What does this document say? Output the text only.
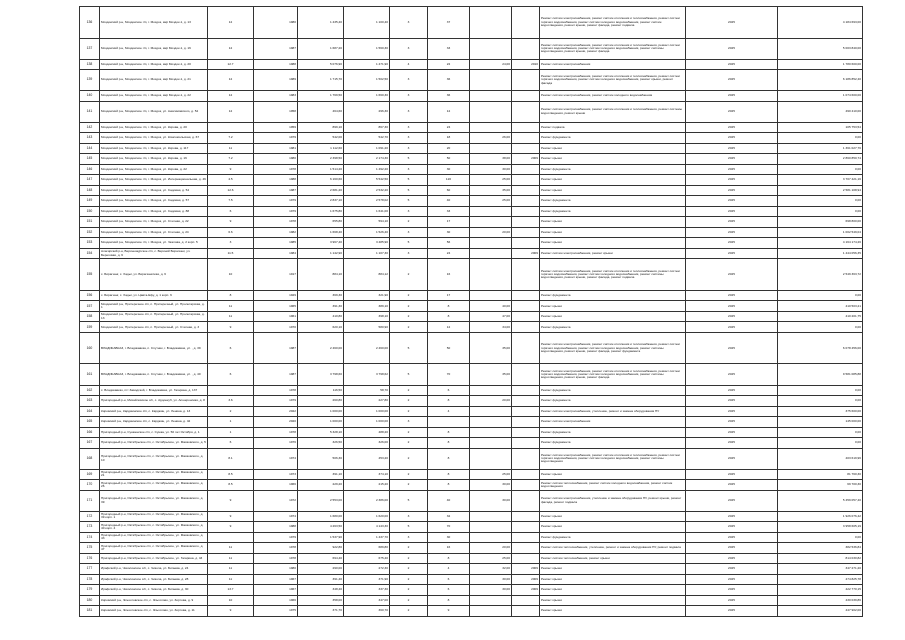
136	Моздокский р-н, Моздокское г/п, г. Моздок, мкр Моздок-1, д. 13	12	1980	1 435,40	1 100,40	3	37			Ремонт систем электроснабжения, ремонт систем отопления и теплоснабжения, ремонт систем горячего водоснабжения, ремонт систем холодного водоснабжения, ремонт систем водоотведения, ремонт крыши, ремонт фасада, ремонт подвала	2025	4 184 693,00
137	Моздокский р-н, Моздокское г/п, г. Моздок, мкр Моздок-1, д. 16	12	1987	1 687,20	1 560,30	3	33			Ремонт систем электроснабжения, ремонт систем отопления и теплоснабжения, ремонт систем горячего водоснабжения, ремонт систем холодного водоснабжения, ремонт системы водоотведения, ремонт крыши, ремонт фасада	2025	5 003 840,00
138	Моздокский р-н, Моздокское г/п, г. Моздок, мкр Моздок-1, д. 20	12.7	1988	5 076,90	1 471,90	4	22	24,00	2010	Ремонт систем электроснабжения	2025	1 780 600,00
139	Моздокский р-н, Моздокское г/п, г. Моздок, мкр Моздок-1, д. 21	12	1989	1 715,70	1 502,50	3	36			Ремонт систем электроснабжения, ремонт систем отопления и теплоснабжения, ремонт систем горячего водоснабжения, ремонт систем холодного водоснабжения, ремонт крыши, ремонт фасада	2025	6 186 852,40
140	Моздокский р-н, Моздокское г/п, г. Моздок, мкр Моздок-1, д. 22	12	1983	1 769,50	1 660,30	3	36			Ремонт систем электроснабжения, ремонт систем холодного водоснабжения	2025	1 074 600,00
141	Моздокский р-н, Моздокское г/п, г. Моздок, ул. Анисимовского, д. 52	12	1958	464,60	296,30	3	12			Ремонт систем электроснабжения, ремонт систем отопления и теплоснабжения, ремонт системы водоотведения, ремонт крыши	2025	490 410,00
142	Моздокский р-н, Моздокское г/п, г. Моздок, ул. Кирова, д. 20		1959	899,10	867,30	3	24			Ремонт подвала	2025	105 753,54
143	Моздокский р-н, Моздокское г/п, г. Моздок, ул. Комсомольская, д. 67	7.2	1979	542,00	542,70	3	18	26,00		Ремонт фундамента	2025	0,00
144	Моздокский р-н, Моздокское г/п, г. Моздок, ул. Кирова, д. 117	11	1981	1 112,60	1 091,20	3	20			Ремонт крыши	2025	1 361 027,76
145	Моздокский р-н, Моздокское г/п, г. Моздок, ул. Кирова, д. 16	7.2	1980	2 398,50	2 174,30	5	50	38,00	2009	Ремонт крыши	2025	2 860 850,74
146	Моздокский р-н, Моздокское г/п, г. Моздок, ул. Кирова, д. 22	9	1978	1 514,20	1 492,20	3	30	30,00		Ремонт фундамента	2025	0,00
147	Моздокский р-н, Моздокское г/п, г. Моздок, ул. Интернациональная, д. 46	4.5	1988	6 160,60	5 542,50	5	120	25,00		Ремонт крыши	2025	3 707 421,16
148	Моздокский р-н, Моздокское г/п, г. Моздок, ул. Садовая, д. 54	12.6	1987	2 681,20	2 532,20	5	60	35,00		Ремонт крыши	2025	2 581 108,94
149	Моздокский р-н, Моздокское г/п, г. Моздок, ул. Садовая, д. 57	7.5	1979	2 837,10	2 578,02	5	40	25,00		Ремонт фундамента	2025	0,00
150	Моздокский р-н, Моздокское г/п, г. Моздок, ул. Садовая, д. 88	6	1979	1 675,80	1 641,00	3	33			Ремонт фундамента	2025	0,00
151	Моздокский р-н, Моздокское г/п, г. Моздок, ул. Степная, д. 22	9	1978	655,80	594,10	2	17			Ремонт крыши	2025	698 800,00
152	Моздокский р-н, Моздокское г/п, г. Моздок, ул. Степная, д. 24	6.6	1982	1 668,40	1 526,40	3	30	20,00		Ремонт крыши	2025	1 002 549,04
153	Моздокский р-н, Моздокское г/п, г. Моздок, ул. Чкалова, д. 2 корп. 5	3	1985	3 967,40	3 485,90	5	56			Ремонт крыши	2025	4 164 174,26
154	Алагирский р-н, Верхнезаурское с/п, с. Верхний Бирагзанг, ул. Береговая, д. 6	11.5	1984	1 142,90	1 107,30	3	24		2009	Ремонт систем электроснабжения, ремонт крыши	2025	1 444 056,35
155	с. Бирагзанг, с. Хадыг, ул. Бирагзангская, д. 6	10	1917	884,10	884,12	2	16			Ремонт систем электроснабжения, ремонт систем отопления и теплоснабжения, ремонт систем горячего водоснабжения, ремонт систем холодного водоснабжения, ремонт системы водоотведения, ремонт крыши, ремонт фасада, ремонт подвала	2025	2 549 363,72
156	с. Бирагзанг, с. Хадыг, ул. Цавта-Ефу, д. 1 корп. 6	8	1929	369,30	321,90	2	17			Ремонт фундамента	2025	0,00
157	Моздокский р-н, Притеречное с/п, п. Притеречный, ул. Пролетарская, д. 1	11	1965	391,30	389,10	2	8	40,00		Ремонт крыши	2025	410 503,21
158	Моздокский р-н, Притеречное с/п, п. Притеречный, ул. Пролетарская, д. 13	11	1961	410,80	398,10	2	8	47,00		Ремонт крыши	2025	410 201,75
159	Моздокский р-н, Притеречное с/п, п. Притеречный, ул. Степная, д. 3	9	1970	620,10	580,90	2	12	34,00		Ремонт фундамента	2025	0,00
160	ВЛАДИКАВКАЗ, г. Владикавказ, п. Спутник, г. Владикавказ, ул. , д. 39	6	1987	2 460,00	2 460,00	5	50	35,00		Ремонт систем электроснабжения, ремонт систем отопления и теплоснабжения, ремонт систем горячего водоснабжения, ремонт систем холодного водоснабжения, ремонт системы водоотведения, ремонт крыши, ремонт фасада, ремонт фундамента	2025	6 078 456,00
161	ВЛАДИКАВКАЗ, г. Владикавказ, п. Спутник, г. Владикавказ, ул. , д. 40	6	1987	3 798,60	3 798,62	5	70	35,00		Ремонт систем электроснабжения, ремонт систем отопления и теплоснабжения, ремонт систем горячего водоснабжения, ремонт систем холодного водоснабжения, ремонт системы водоотведения, ремонт крыши, ремонт фасада	2025	9 581 085,88
162	с. Владикавказ, пгт Заводской, г. Владикавказ, ул. Гагарина, д. 137		1978	116,50	58,70	2	6			Ремонт фундамента	2025	0,00
163	Пригородный р-н, Михайловское с/п, с. Ардонкуб, ул. Апшеронская, д. 8	3.6	1979	260,80	227,80	2	8	20,00		Ремонт фундамента	2025	0,00
164	Кировский р-н, Карджинское с/п, с. Карджин, ул. Ленина, д. 13	2	2022	1 000,00	1 000,00	2	4			Ремонт систем электроснабжения, утепление, ремонт и замена оборудования ПУ	2025	375 600,00
165	Кировский р-н, Карджинское с/п, с. Карджин, ул. Ленина, д. 42	1	2020	1 000,00	1 000,00	3				Ремонт систем электроснабжения	2025	145 000,00
166	Пригородный р-н, Сунженское с/п, с. Сунжа, ул. 50 лет Октября, д. 1	1	1978	5 328,10	488,20	2	8			Ремонт фундамента	2025	0,00
167	Пригородный р-н, Октябрьское с/п, с. Октябрьское, ул. Маяковского, д. 5	6	1976	326,50	326,00	2	8			Ремонт фундамента	2025	0,00
168	Пригородный р-н, Октябрьское с/п, с. Октябрьское, ул. Маяковского, д. 10	8.1	1974	506,30	453,20	2	8			Ремонт систем электроснабжения, ремонт систем отопления и теплоснабжения, ремонт систем горячего водоснабжения, ремонт систем холодного водоснабжения, ремонт системы водоотведения	2025	403 619,96
169	Пригородный р-н, Октябрьское с/п, с. Октябрьское, ул. Маяковского, д. 21	8.5	1973	391,10	374,10	2	8	25,00		Ремонт крыши	2025	81 760,30
170	Пригородный р-н, Октябрьское с/п, с. Октябрьское, ул. Маяковского, д. 26	8.5	1966	229,20	215,20	2	8	30,00		Ремонт систем теплоснабжения, ремонт систем холодного водоснабжения, ремонт систем водоотведения	2025	69 700,30
171	Пригородный р-н, Октябрьское с/п, с. Октябрьское, ул. Маяковского, д. 39	9	1972	2 553,00	2 386,00	5	40	30,00		Ремонт систем электроснабжения, утепление и замена оборудования ПУ, ремонт крыши, ремонт фасада, ремонт подвала	2025	5 459 057,40
172	Пригородный р-н, Октябрьское с/п, с. Октябрьское, ул. Маяковского, д. 39 корп. 1	9	1974	1 680,00	1 620,00	3	32			Ремонт крыши	2025	1 926 076,42
173	Пригородный р-н, Октябрьское с/п, с. Октябрьское, ул. Маяковского, д. 40 корп. 4	9	1988	4 263,50	4 143,30	5	70			Ремонт крыши	2025	3 958 605,19
174	Пригородный р-н, Октябрьское с/п, с. Октябрьское, ул. Маяковского, д. 43		1979	1 537,90	1 437,70	3	30			Ремонт фундамента	2025	0,00
175	Пригородный р-н, Октябрьское с/п, с. Октябрьское, ул. Маяковского, д. 47	11	1978	922,80	689,80	2	16	20,00		Ремонт систем теплоснабжения, утепление, ремонт и замена оборудования ПУ, ремонт подвала	2025	382 536,84
176	Пригородный р-н, Октябрьское с/п, с. Октябрьское, ул. Гагарина, д. 43	11	1978	694,40	675,40	2	8	25,00		Ремонт систем теплоснабжения, ремонт крыши	2025	814 030,82
177	Ирафский р-н, Чиколинское с/п, с. Чикола, ул. Бигаева, д. 24	11	1980	290,00	272,30	2	4	32,00	2009	Ремонт крыши	2025	347 271,20
178	Ирафский р-н, Чиколинское с/п, с. Чикола, ул. Бигаева, д. 28	11	1967	391,40	371,90	2	6	30,00	2009	Ремонт крыши	2025	474 825,78
179	Ирафский р-н, Чиколинское с/п, с. Чикола, ул. Бигаева, д. 30	13.7	1967	348,40	337,30	2	6	30,00	2009	Ремонт крыши	2025	422 770,15
180	Кировский р-н, Эльхотовское с/п, с. Эльхотово, ул. Зортова, д. 9	10	1966	358,00	347,00	2	8			Ремонт крыши	2025	430 039,86
181	Кировский р-н, Эльхотовское с/п, с. Эльхотово, ул. Зортова, д. 11	9	1975	371,70	360,70	2	9			Ремонт крыши	2025	447 902,00
